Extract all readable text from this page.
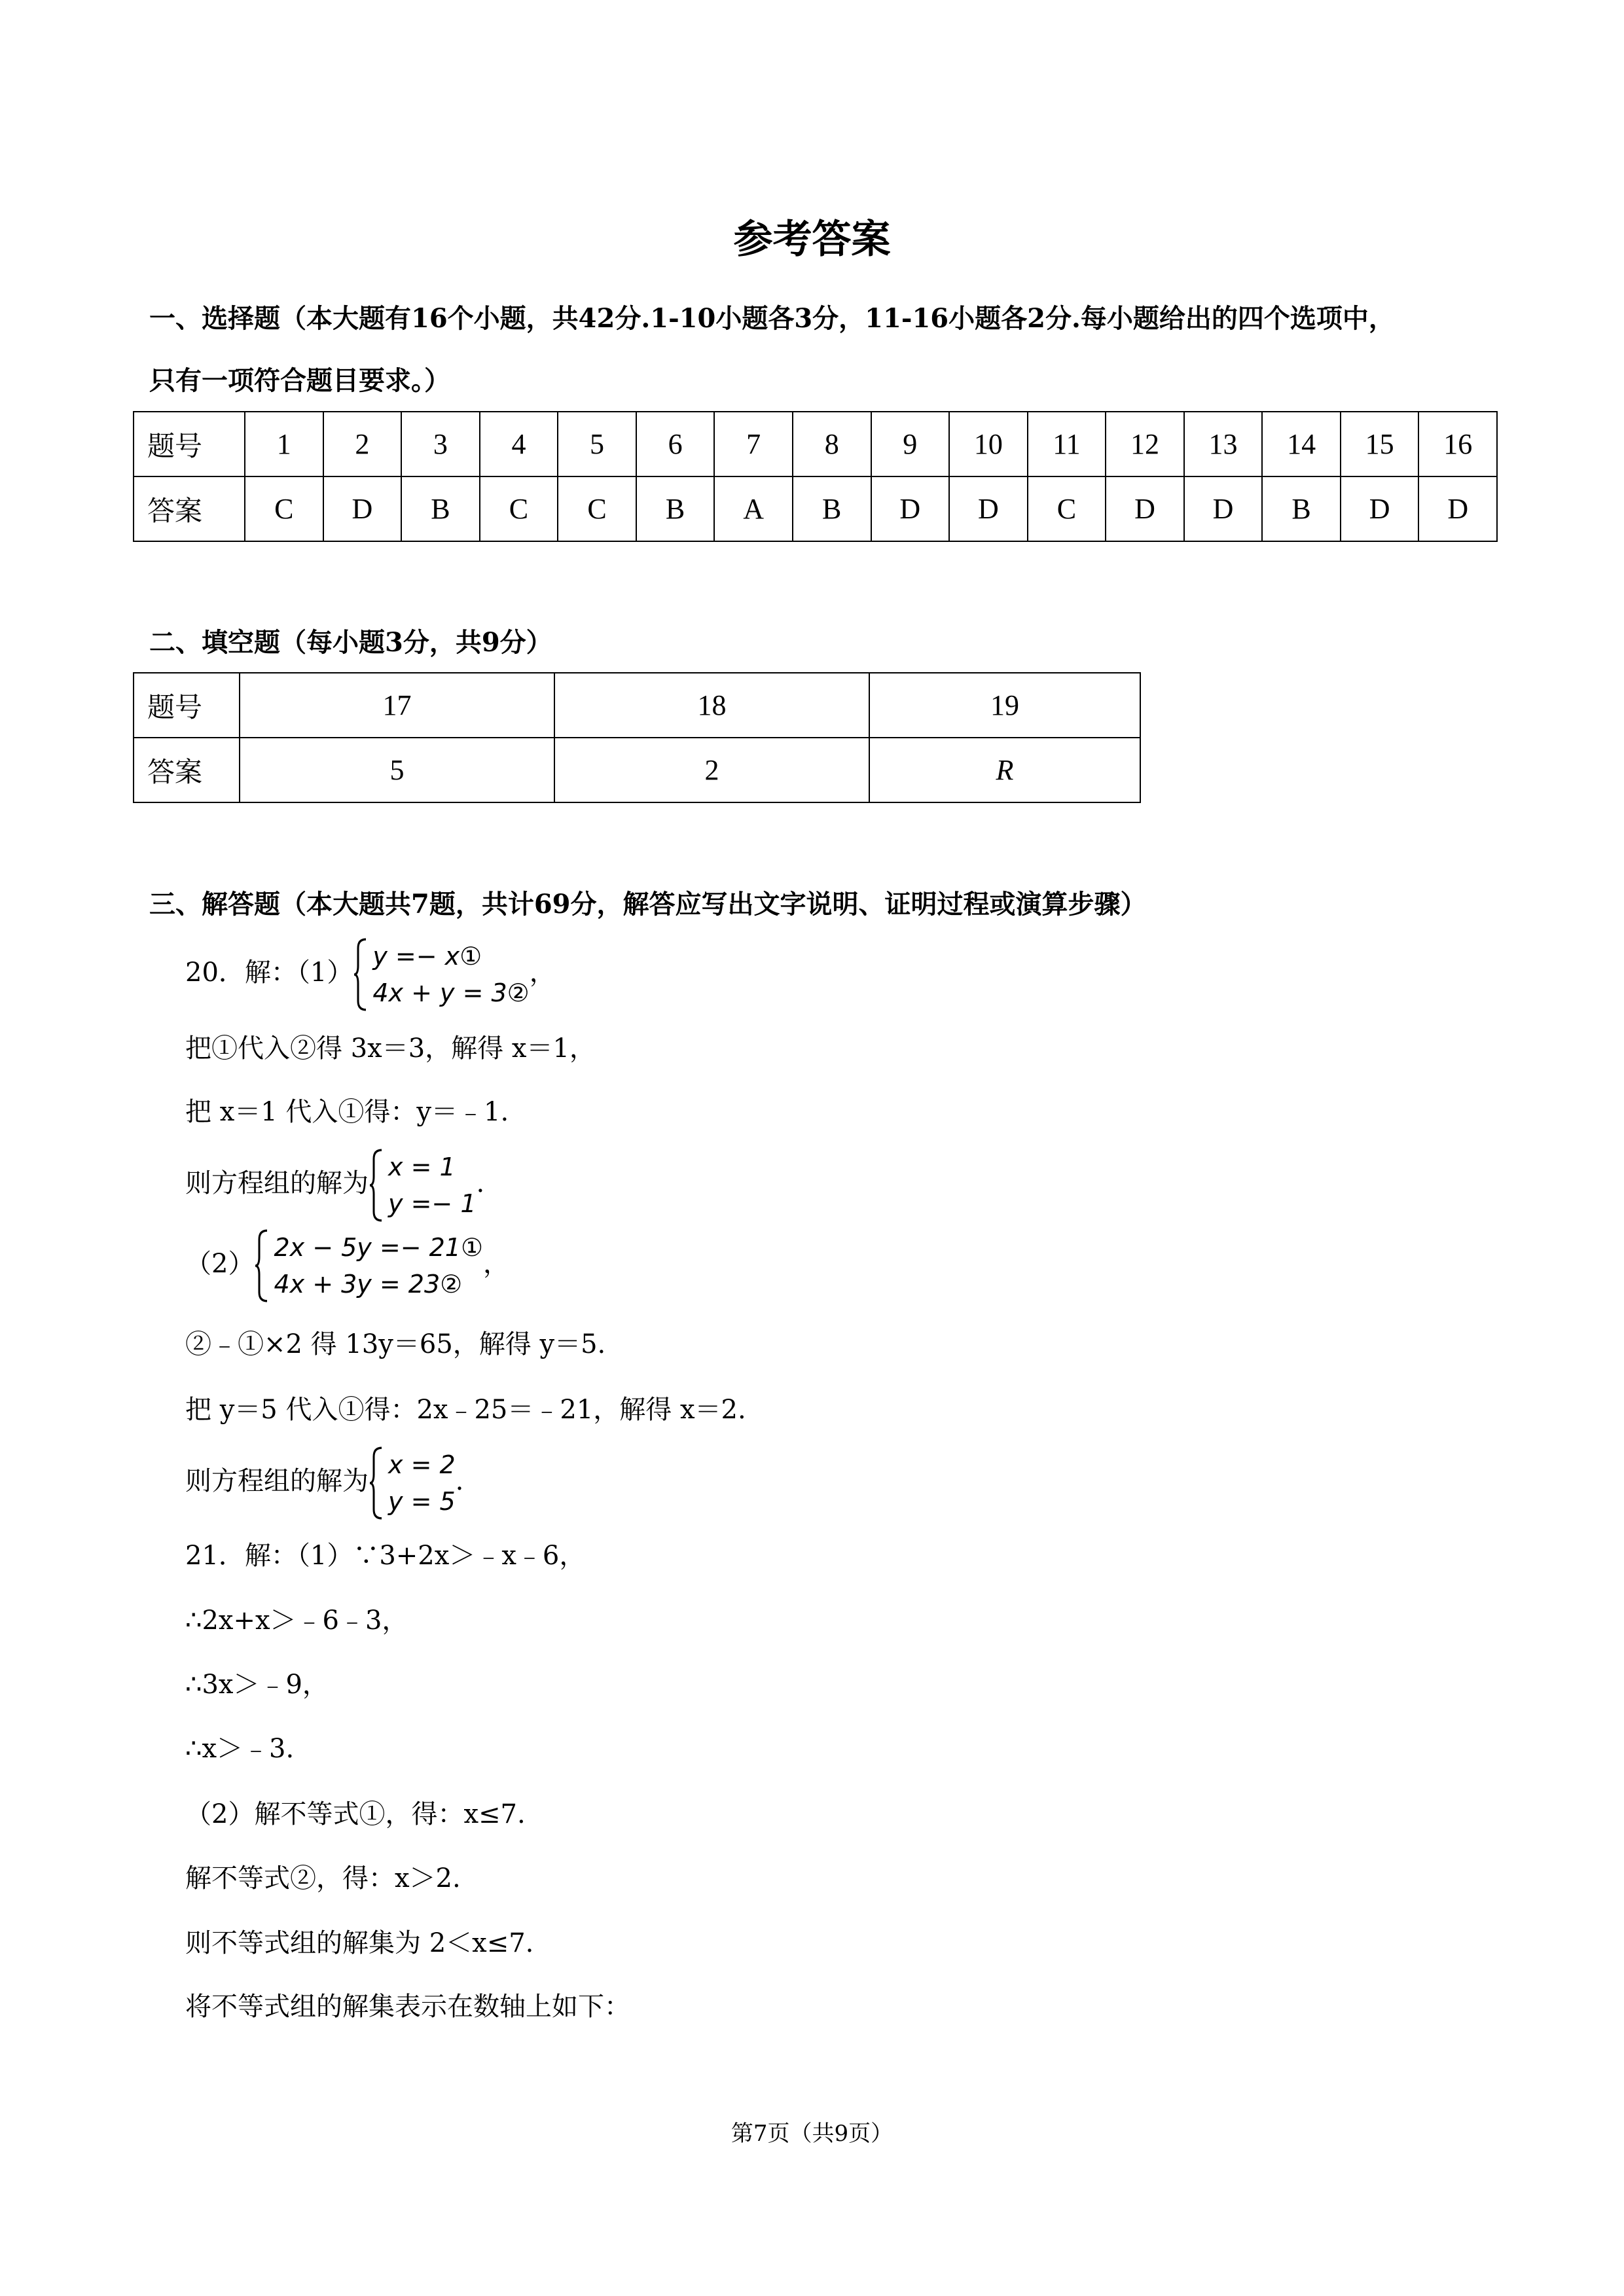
参考答案

一、选择题（本大题有16个小题，共42分.1-10小题各3分，11-16小题各2分.每小题给出的四个选项中，

只有一项符合题目要求。）

题号	1	2	3	4	5	6	7	8	9	10	11	12	13	14	15	16
答案	C	D	B	C	C	B	A	B	D	D	C	D	D	B	D	D

二、填空题（每小题3分，共9分）

题号	17	18	19
答案	5	2	R

三、解答题（本大题共7题，共计69分，解答应写出文字说明、证明过程或演算步骤）

20．解：（1）
y =− x①
4x + y = 3②
，
把①代入②得 3x＝3，解得 x＝1，
把 x＝1 代入①得：y＝﹣1.
则方程组的解为
x = 1
y =− 1
.
（2）
2x − 5y =− 21①
4x + 3y = 23②
，
②﹣①×2 得 13y＝65，解得 y＝5.
把 y＝5 代入①得：2x﹣25＝﹣21，解得 x＝2.
则方程组的解为
x = 2
y = 5
.
21．解：（1）∵3+2x＞﹣x﹣6，
∴2x+x＞﹣6﹣3，
∴3x＞﹣9，
∴x＞﹣3.
（2）解不等式①，得：x≤7.
解不等式②，得：x＞2.
则不等式组的解集为 2＜x≤7.
将不等式组的解集表示在数轴上如下：
第7页（共9页）
